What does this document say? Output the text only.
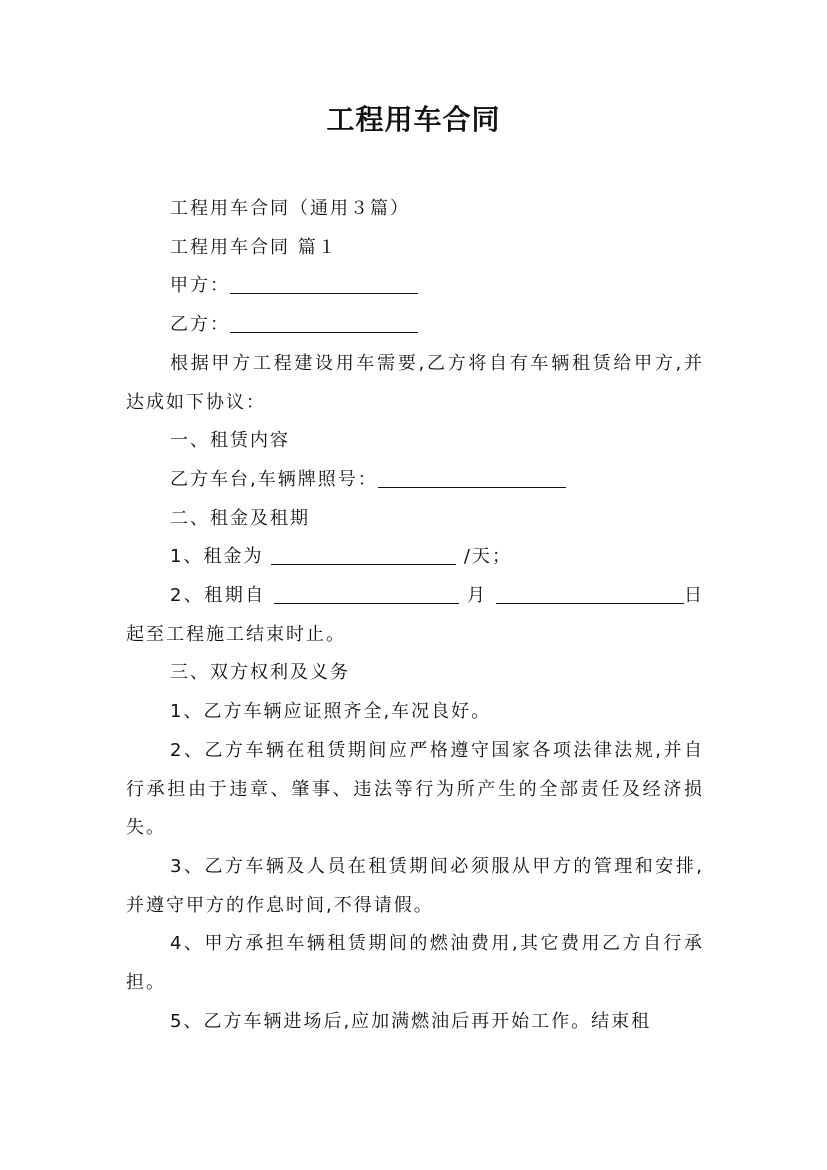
工程用车合同

工程用车合同（通用３篇）

工程用车合同 篇１

甲方：

乙方：

根据甲方工程建设用车需要,乙方将自有车辆租赁给甲方,并达成如下协议：

一、租赁内容

乙方车台,车辆牌照号：

二、租金及租期

1、租金为	/天；

2、租期自	月	日起至工程施工结束时止。

三、双方权利及义务

1、乙方车辆应证照齐全,车况良好。

2、乙方车辆在租赁期间应严格遵守国家各项法律法规,并自行承担由于违章、肇事、违法等行为所产生的全部责任及经济损失。

3、乙方车辆及人员在租赁期间必须服从甲方的管理和安排,并遵守甲方的作息时间,不得请假。

4、甲方承担车辆租赁期间的燃油费用,其它费用乙方自行承担。

5、乙方车辆进场后,应加满燃油后再开始工作。结束租
